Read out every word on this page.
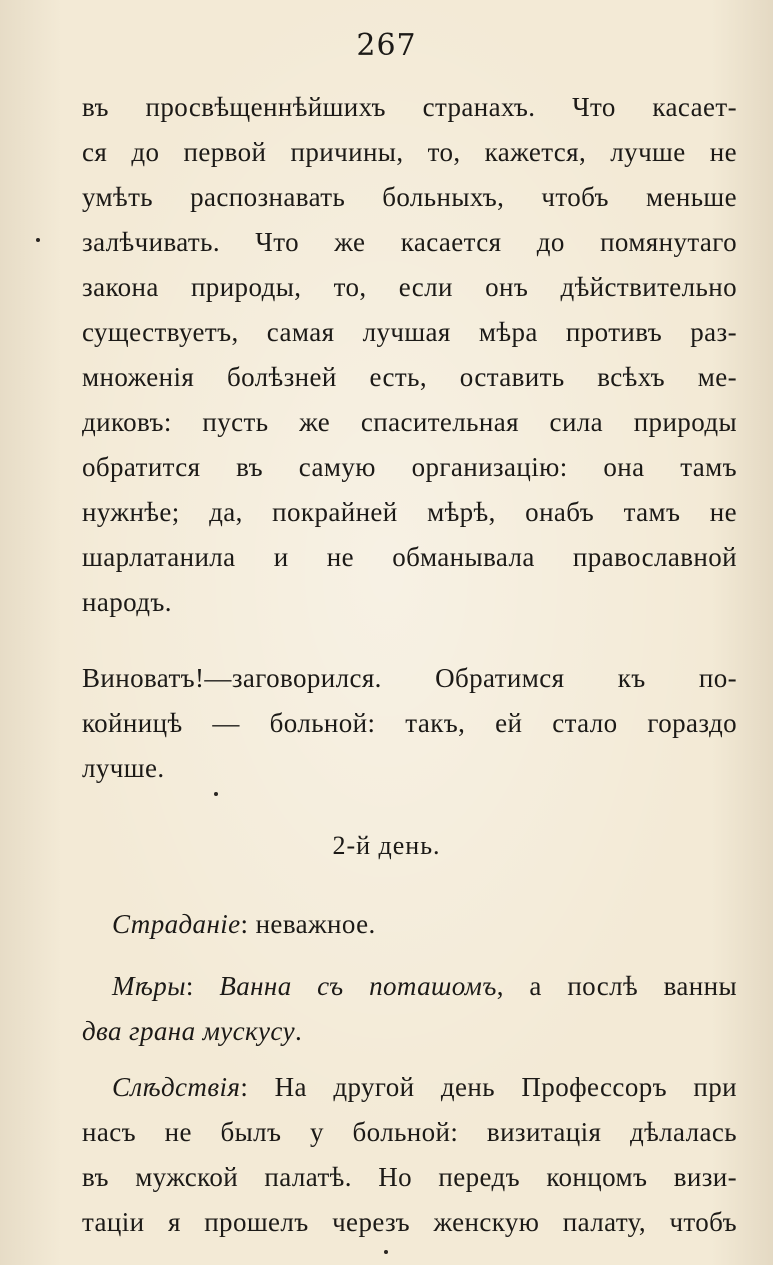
267
въ просвѣщеннѣйшихъ странахъ. Что касает-
ся до первой причины, то, кажется, лучше не
умѣть распознавать больныхъ, чтобъ меньше
залѣчивать. Что же касается до помянутаго
закона природы, то, если онъ дѣйствительно
существуетъ, самая лучшая мѣра противъ раз-
множенія болѣзней есть, оставить всѣхъ ме-
диковъ: пусть же спасительная сила природы
обратится въ самую организацію: она тамъ
нужнѣе; да, покрайней мѣрѣ, онабъ тамъ не
шарлатанила и не обманывала православной
народъ.
Виноватъ!—заговорился. Обратимся къ по-
койницѣ — больной: такъ, ей стало гораздо
лучше.
2-й день.
Страданіе: неважное.
Мѣры: Ванна съ поташомъ, а послѣ ванны
два грана мускусу.
Слѣдствія: На другой день Профессоръ при
насъ не былъ у больной: визитація дѣлалась
въ мужской палатѣ. Но передъ концомъ визи-
таціи я прошелъ черезъ женскую палату, чтобъ
